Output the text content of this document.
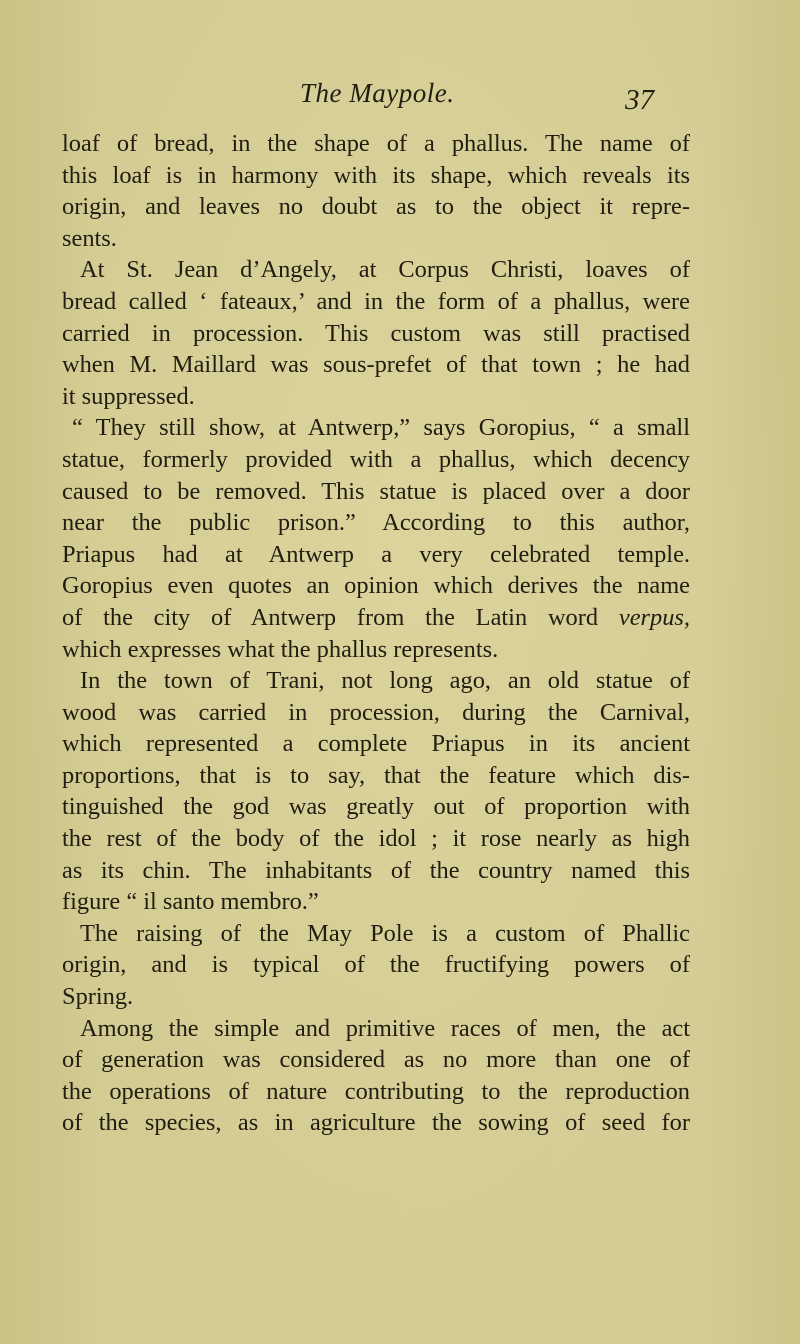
The Maypole.	37

loaf of bread, in the shape of a phallus. The name of

this loaf is in harmony with its shape, which reveals its

origin, and leaves no doubt as to the object it repre-

sents.

At St. Jean d’Angely, at Corpus Christi, loaves of

bread called ‘ fateaux,’ and in the form of a phallus, were

carried in procession. This custom was still practised

when M. Maillard was sous-prefet of that town ; he had

it suppressed.

“ They still show, at Antwerp,” says Goropius, “ a small

statue, formerly provided with a phallus, which decency

caused to be removed. This statue is placed over a door

near the public prison.” According to this author,

Priapus had at Antwerp a very celebrated temple.

Goropius even quotes an opinion which derives the name

of the city of Antwerp from the Latin word verpus,

which expresses what the phallus represents.

In the town of Trani, not long ago, an old statue of

wood was carried in procession, during the Carnival,

which represented a complete Priapus in its ancient

proportions, that is to say, that the feature which dis-

tinguished the god was greatly out of proportion with

the rest of the body of the idol ; it rose nearly as high

as its chin. The inhabitants of the country named this

figure “ il santo membro.”

The raising of the May Pole is a custom of Phallic

origin, and is typical of the fructifying powers of

Spring.

Among the simple and primitive races of men, the act

of generation was considered as no more than one of

the operations of nature contributing to the reproduction

of the species, as in agriculture the sowing of seed for
